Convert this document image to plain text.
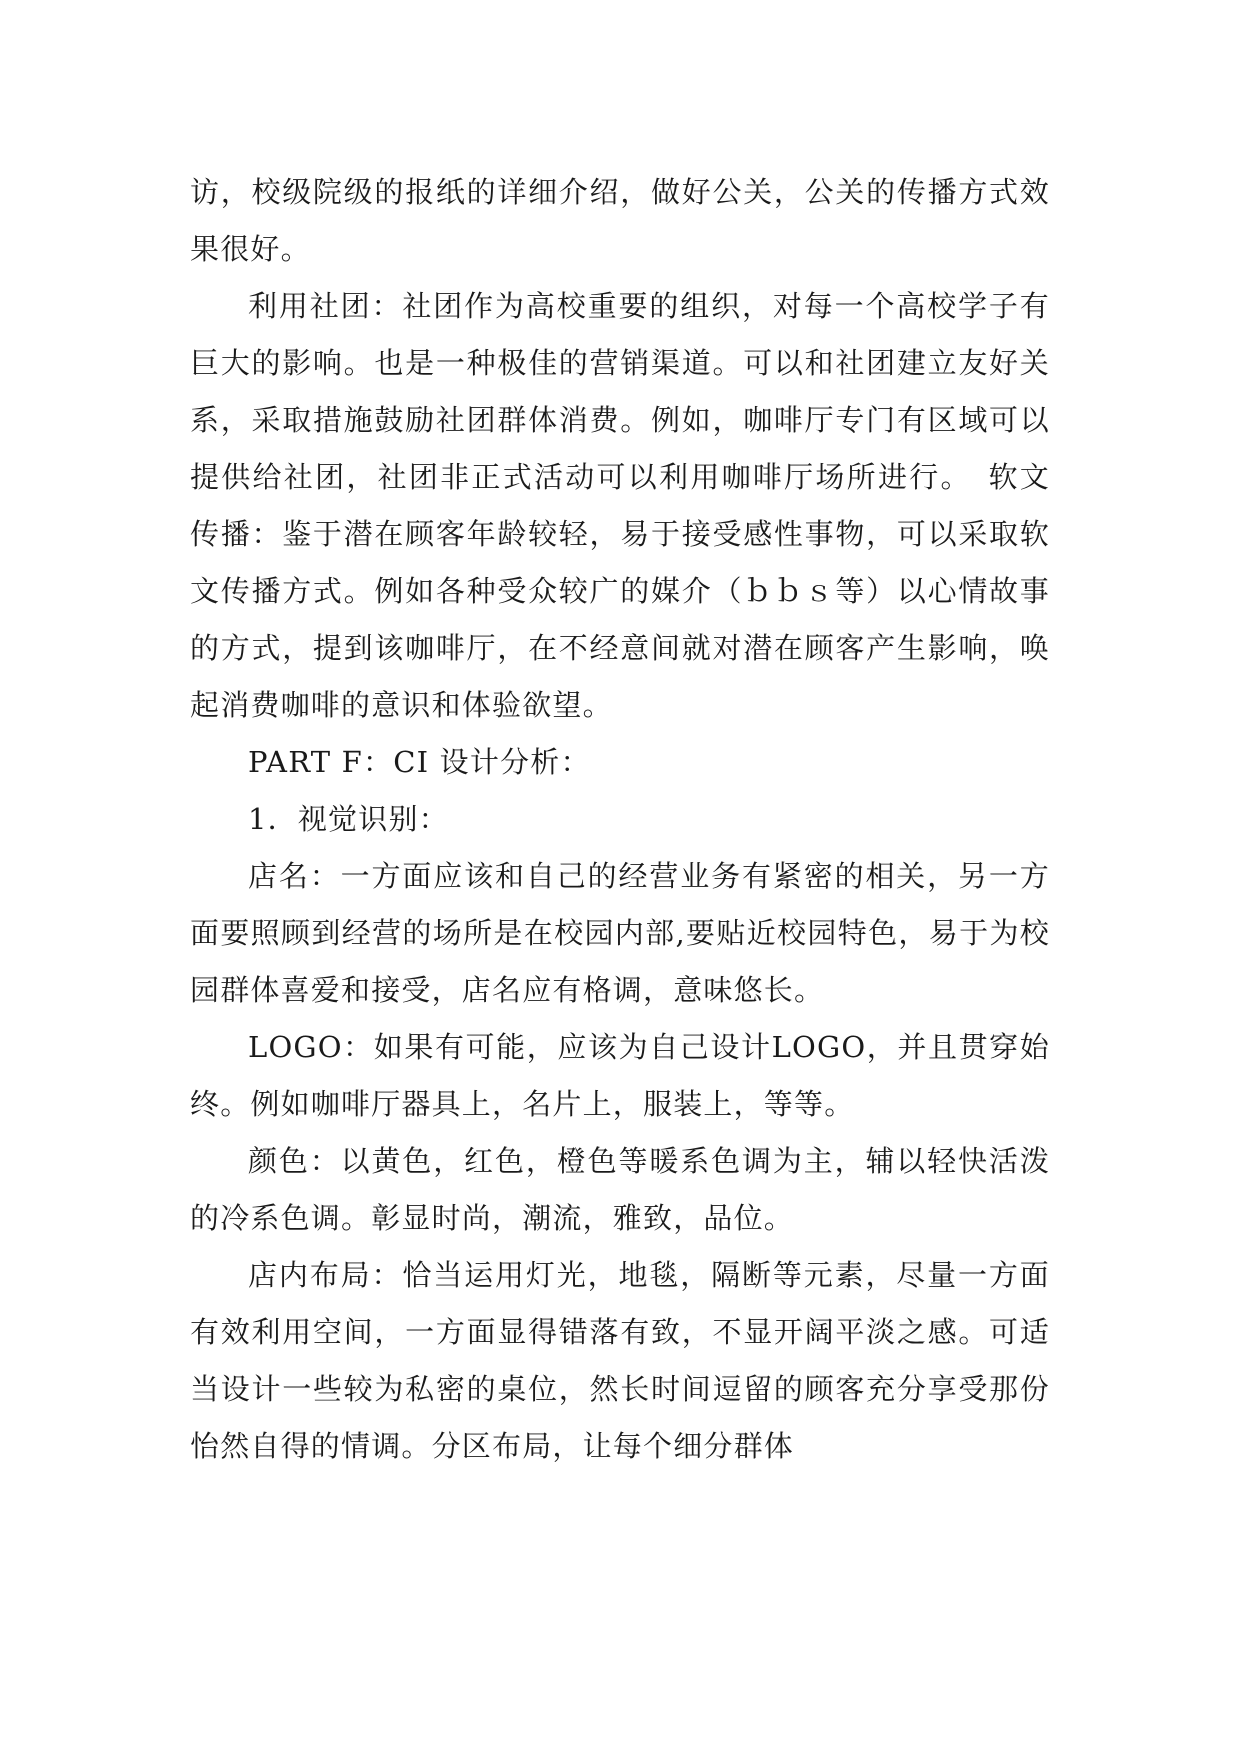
访，校级院级的报纸的详细介绍，做好公关，公关的传播方式效果很好。

利用社团：社团作为高校重要的组织，对每一个高校学子有巨大的影响。也是一种极佳的营销渠道。可以和社团建立友好关系，采取措施鼓励社团群体消费。例如，咖啡厅专门有区域可以提供给社团，社团非正式活动可以利用咖啡厅场所进行。　软文传播：鉴于潜在顾客年龄较轻，易于接受感性事物，可以采取软文传播方式。例如各种受众较广的媒介（ｂｂｓ等）以心情故事的方式，提到该咖啡厅，在不经意间就对潜在顾客产生影响，唤起消费咖啡的意识和体验欲望。

PART F：CI 设计分析：

1．视觉识别：

店名：一方面应该和自己的经营业务有紧密的相关，另一方面要照顾到经营的场所是在校园内部,要贴近校园特色，易于为校园群体喜爱和接受，店名应有格调，意味悠长。

LOGO：如果有可能，应该为自己设计LOGO，并且贯穿始终。例如咖啡厅器具上，名片上，服装上，等等。

颜色：以黄色，红色，橙色等暖系色调为主，辅以轻快活泼的冷系色调。彰显时尚，潮流，雅致，品位。

店内布局：恰当运用灯光，地毯，隔断等元素，尽量一方面有效利用空间，一方面显得错落有致，不显开阔平淡之感。可适当设计一些较为私密的桌位，然长时间逗留的顾客充分享受那份怡然自得的情调。分区布局，让每个细分群体
